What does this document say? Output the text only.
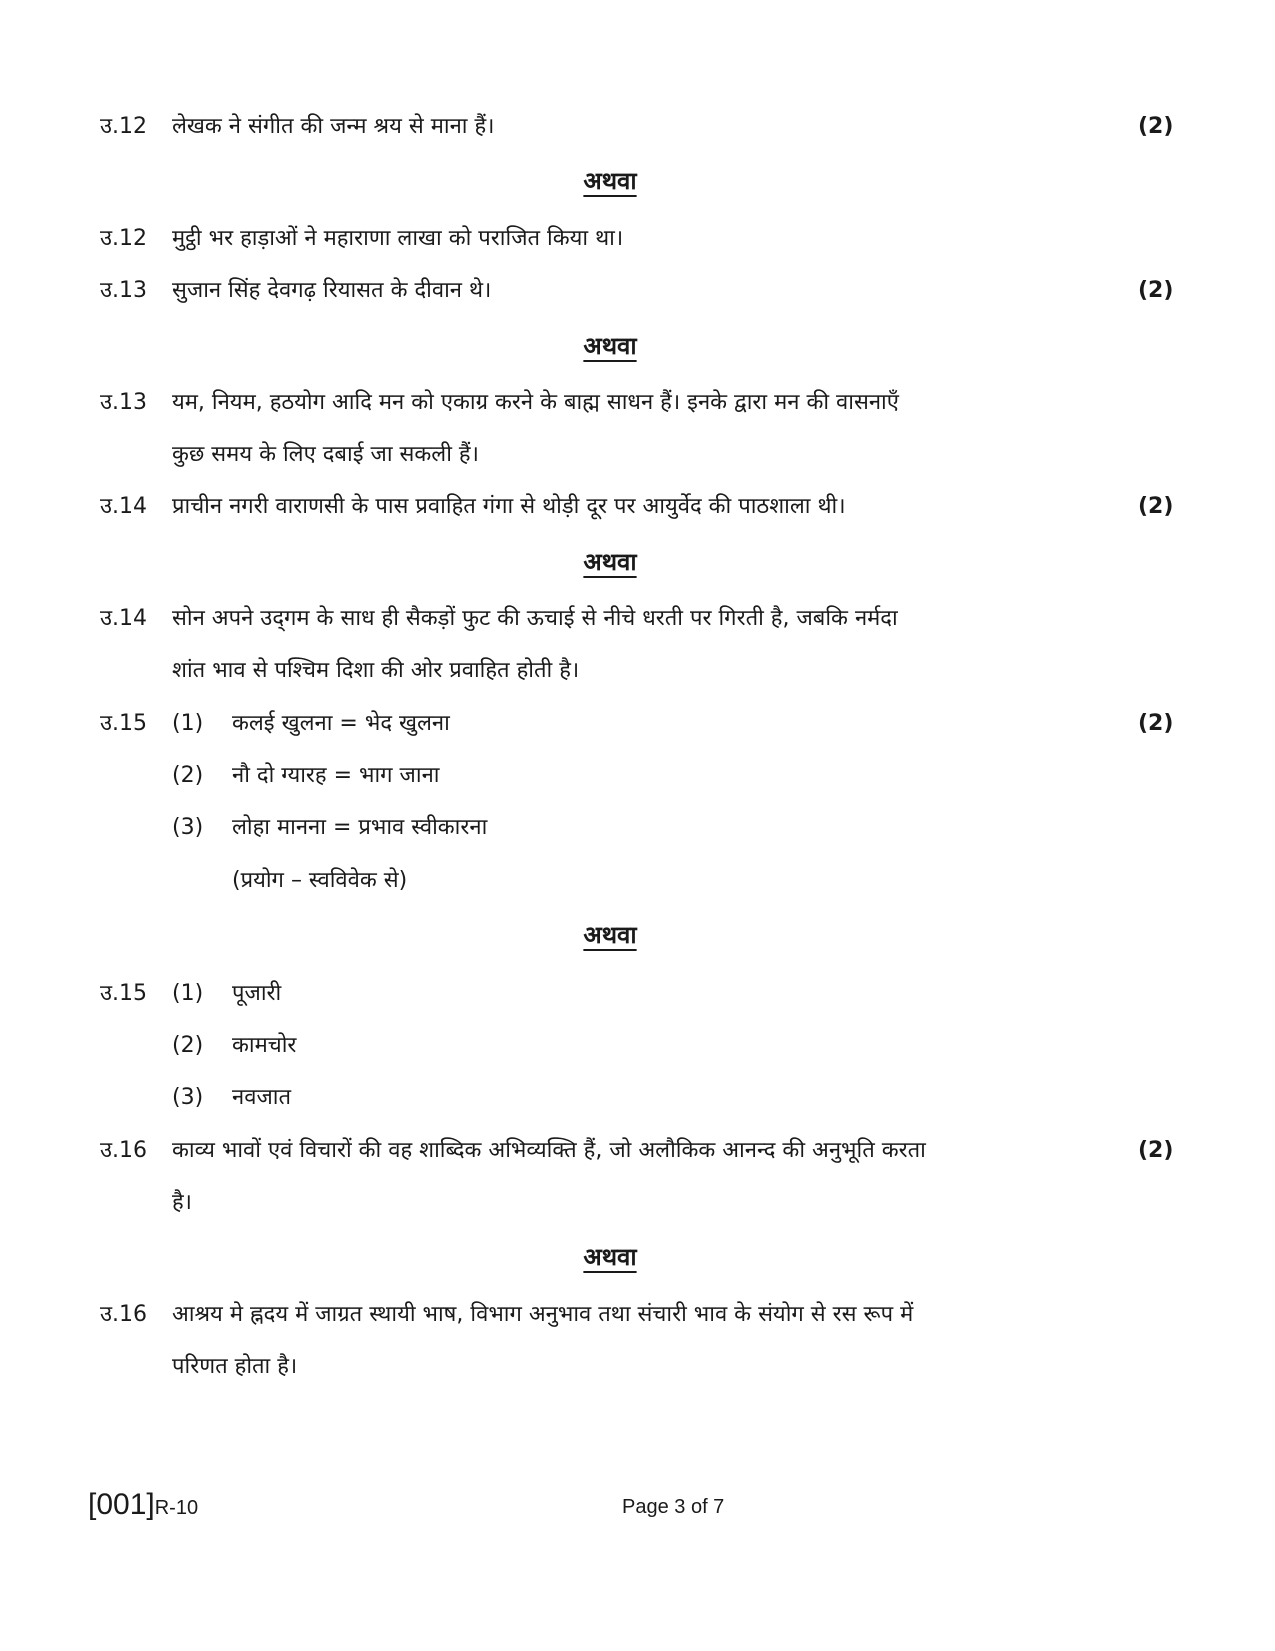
उ.12	लेखक ने संगीत की जन्म श्रय से माना हैं।	(2)
अथवा
उ.12	मुट्ठी भर हाड़ाओं ने महाराणा लाखा को पराजित किया था।
उ.13	सुजान सिंह देवगढ़ रियासत के दीवान थे।	(2)
अथवा
उ.13	यम, नियम, हठयोग आदि मन को एकाग्र करने के बाह्म साधन हैं। इनके द्वारा मन की वासनाएँ
कुछ समय के लिए दबाई जा सकली हैं।
उ.14	प्राचीन नगरी वाराणसी के पास प्रवाहित गंगा से थोड़ी दूर पर आयुर्वेद की पाठशाला थी।	(2)
अथवा
उ.14	सोन अपने उद्‌गम के साध ही सैकड़ों फुट की ऊचाई से नीचे धरती पर गिरती है, जबकि नर्मदा
शांत भाव से पश्चिम दिशा की ओर प्रवाहित होती है।
उ.15	(1)	कलई खुलना = भेद खुलना	(2)
(2)	नौ दो ग्यारह = भाग जाना
(3)	लोहा मानना = प्रभाव स्वीकारना
(प्रयोग – स्वविवेक से)
अथवा
उ.15	(1)	पूजारी
(2)	कामचोर
(3)	नवजात
उ.16	काव्य भावों एवं विचारों की वह शाब्दिक अभिव्यक्ति हैं, जो अलौकिक आनन्द की अनुभूति करता	(2)
है।
अथवा
उ.16	आश्रय मे ह्नदय में जाग्रत स्थायी भाष, विभाग अनुभाव तथा संचारी भाव के संयोग से रस रूप में
परिणत होता है।
[001]R-10	Page 3 of 7
